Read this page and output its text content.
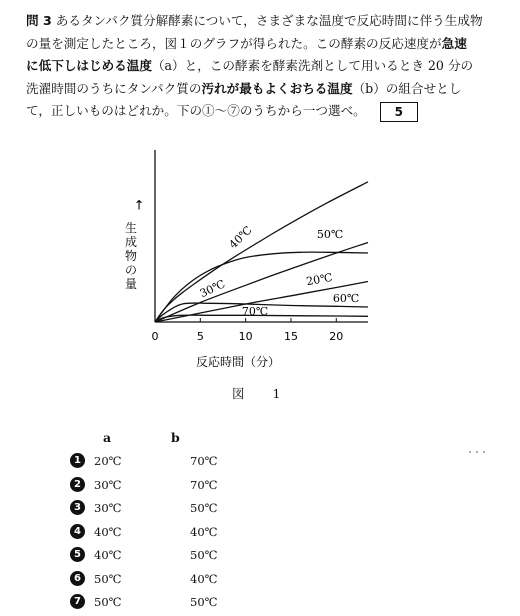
問 3 あるタンパク質分解酵素について，さまざまな温度で反応時間に伴う生成物
の量を測定したところ，図１のグラフが得られた。この酵素の反応速度が急速
に低下しはじめる温度（a）と，この酵素を酵素洗剤として用いるとき 20 分の
洗濯時間のうちにタンパク質の汚れが最もよくおちる温度（b）の組合せとし
て，正しいものはどれか。下の①～⑦のうちから一つ選べ。 5
0	5	10	15	20
←
生
成
物
の
量
反応時間（分）
40℃	50℃
30℃	20℃
60℃
70℃
図 1
a	b
1	20℃	70℃
2	30℃	70℃
3	30℃	50℃
4	40℃	40℃
5	40℃	50℃
6	50℃	40℃
7	50℃	50℃
